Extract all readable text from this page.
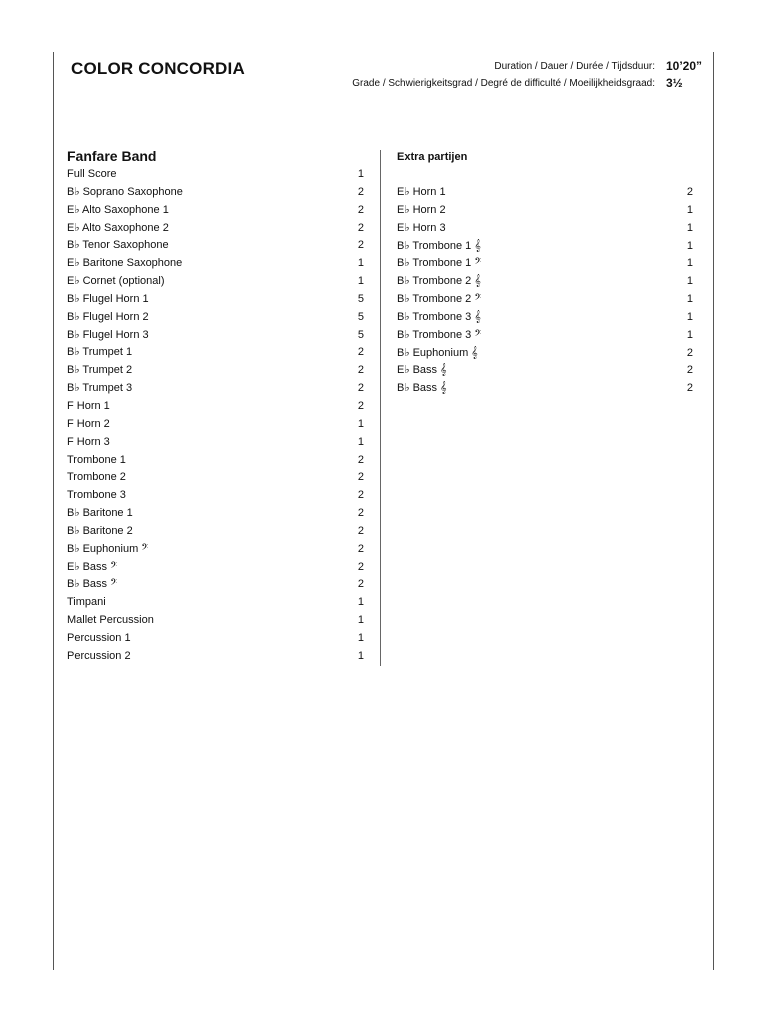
COLOR CONCORDIA	Duration / Dauer / Durée / Tijdsduur: 10’20”
Grade / Schwierigkeitsgrad / Degré de difficulté / Moeilijkheidsgraad: 3½
Fanfare Band
Full Score	1
B♭ Soprano Saxophone	2
E♭ Alto Saxophone 1	2
E♭ Alto Saxophone 2	2
B♭ Tenor Saxophone	2
E♭ Baritone Saxophone	1
E♭ Cornet (optional)	1
B♭ Flugel Horn 1	5
B♭ Flugel Horn 2	5
B♭ Flugel Horn 3	5
B♭ Trumpet 1	2
B♭ Trumpet 2	2
B♭ Trumpet 3	2
F Horn 1	2
F Horn 2	1
F Horn 3	1
Trombone 1	2
Trombone 2	2
Trombone 3	2
B♭ Baritone 1	2
B♭ Baritone 2	2
B♭ Euphonium 𝄢	2
E♭ Bass 𝄢	2
B♭ Bass 𝄢	2
Timpani	1
Mallet Percussion	1
Percussion 1	1
Percussion 2	1
Extra partijen
E♭ Horn 1	2
E♭ Horn 2	1
E♭ Horn 3	1
B♭ Trombone 1 𝄞	1
B♭ Trombone 1 𝄢	1
B♭ Trombone 2 𝄞	1
B♭ Trombone 2 𝄢	1
B♭ Trombone 3 𝄞	1
B♭ Trombone 3 𝄢	1
B♭ Euphonium 𝄞	2
E♭ Bass 𝄞	2
B♭ Bass 𝄞	2
